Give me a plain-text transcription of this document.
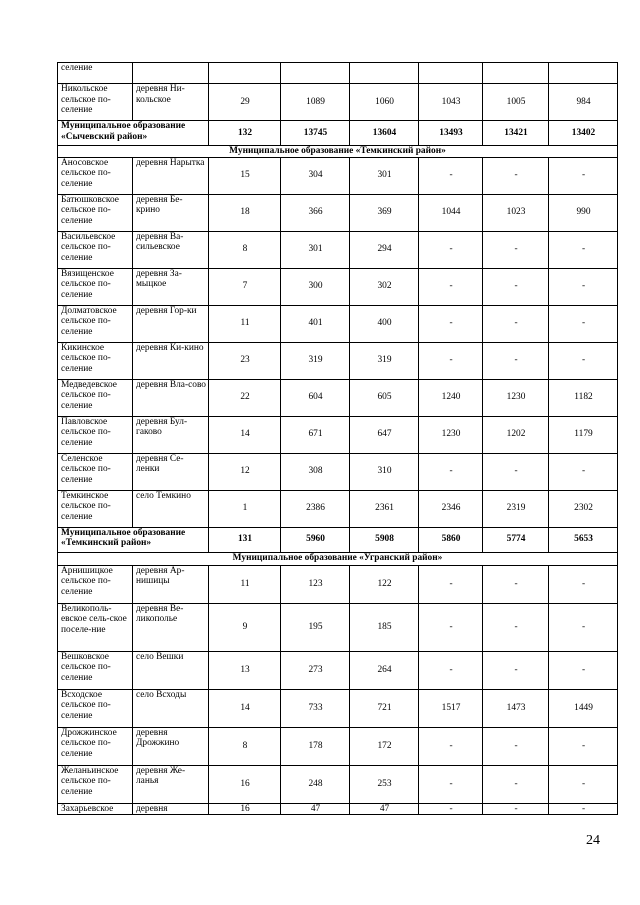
селение							
Никольское сельское по-селение	деревня Ни-кольское	29	1089	1060	1043	1005	984
Муниципальное образование «Сычевский район»		132	13745	13604	13493	13421	13402
Муниципальное образование «Темкинский район»							
Аносовское сельское по-селение	деревня Нарытка	15	304	301	-	-	-
Батюшковское сельское по-селение	деревня Бе-крино	18	366	369	1044	1023	990
Васильевское сельское по-селение	деревня Ва-сильевское	8	301	294	-	-	-
Вязищенское сельское по-селение	деревня За-мыцкое	7	300	302	-	-	-
Долматовское сельское по-селение	деревня Гор-ки	11	401	400	-	-	-
Кикинское сельское по-селение	деревня Ки-кино	23	319	319	-	-	-
Медведевское сельское по-селение	деревня Вла-сово	22	604	605	1240	1230	1182
Павловское сельское по-селение	деревня Бул-гаково	14	671	647	1230	1202	1179
Селенское сельское по-селение	деревня Се-ленки	12	308	310	-	-	-
Темкинское сельское по-селение	село Темкино	1	2386	2361	2346	2319	2302
Муниципальное образование «Темкинский район»		131	5960	5908	5860	5774	5653
Муниципальное образование «Угранский район»							
Арнишицкое сельское по-селение	деревня Ар-нишицы	11	123	122	-	-	-
Великополь-евское сель-ское поселе-ние	деревня Ве-ликополье	9	195	185	-	-	-
Вешковское сельское по-селение	село Вешки	13	273	264	-	-	-
Всходское сельское по-селение	село Всходы	14	733	721	1517	1473	1449
Дрожжинское сельское по-селение	деревня Дрожжино	8	178	172	-	-	-
Желаньинское сельское по-селение	деревня Же-ланья	16	248	253	-	-	-
Захарьевское	деревня	16	47	47	-	-	-
24
